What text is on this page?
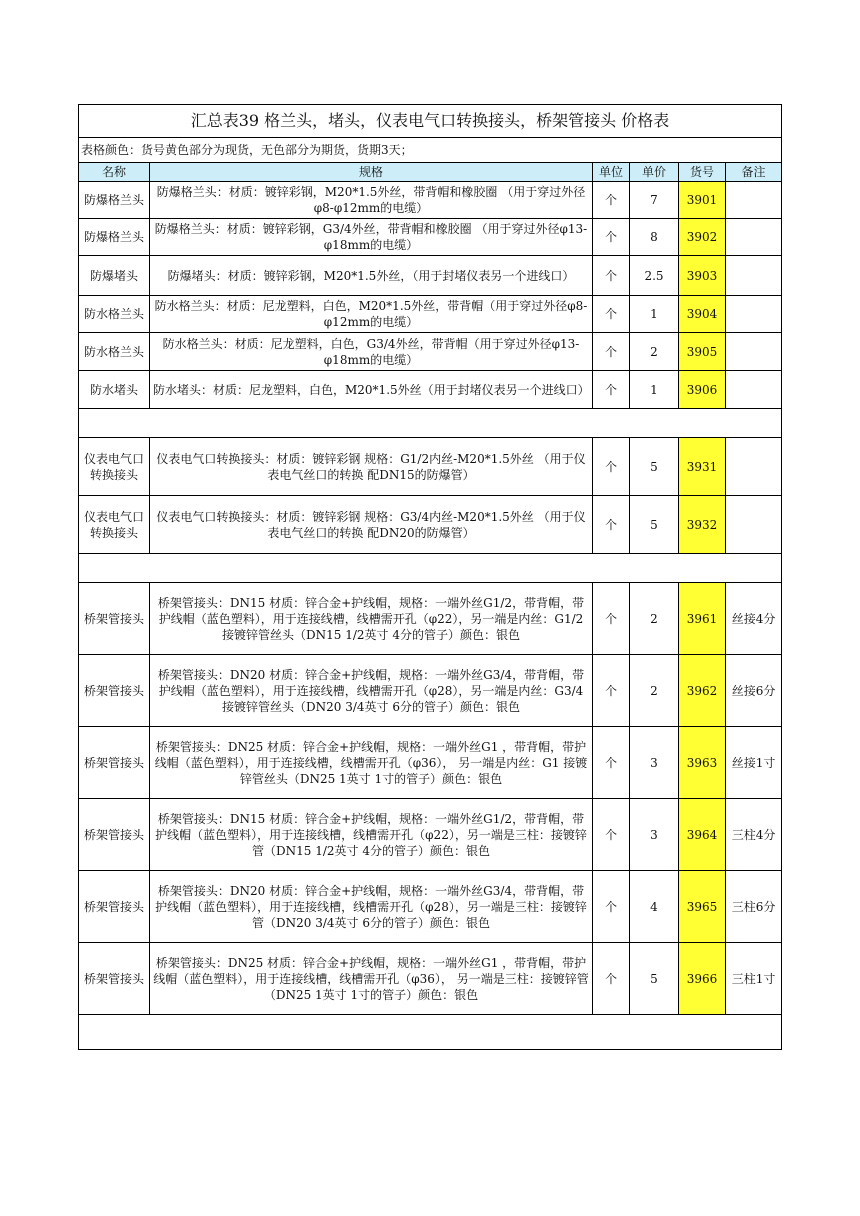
汇总表39 格兰头，堵头，仪表电气口转换接头，桥架管接头 价格表					
表格颜色：货号黄色部分为现货，无色部分为期货，货期3天；					
名称	规格	单位	单价	货号	备注
防爆格兰头	防爆格兰头：材质：镀锌彩钢，M20*1.5外丝，带背帽和橡胶圈 （用于穿过外径φ8-φ12mm的电缆）	个	7	3901	
防爆格兰头	防爆格兰头：材质：镀锌彩钢，G3/4外丝，带背帽和橡胶圈 （用于穿过外径φ13-φ18mm的电缆）	个	8	3902	
防爆堵头	防爆堵头：材质：镀锌彩钢，M20*1.5外丝，（用于封堵仪表另一个进线口）	个	2.5	3903	
防水格兰头	防水格兰头：材质：尼龙塑料，白色，M20*1.5外丝，带背帽（用于穿过外径φ8-φ12mm的电缆）	个	1	3904	
防水格兰头	防水格兰头：材质：尼龙塑料，白色，G3/4外丝，带背帽（用于穿过外径φ13-φ18mm的电缆）	个	2	3905	
防水堵头	防水堵头：材质：尼龙塑料，白色，M20*1.5外丝（用于封堵仪表另一个进线口）	个	1	3906	

仪表电气口转换接头	仪表电气口转换接头：材质：镀锌彩钢 规格：G1/2内丝-M20*1.5外丝 （用于仪表电气丝口的转换 配DN15的防爆管）	个	5	3931	
仪表电气口转换接头	仪表电气口转换接头：材质：镀锌彩钢 规格：G3/4内丝-M20*1.5外丝 （用于仪表电气丝口的转换 配DN20的防爆管）	个	5	3932	

桥架管接头	桥架管接头：DN15 材质：锌合金+护线帽，规格：一端外丝G1/2，带背帽，带护线帽（蓝色塑料），用于连接线槽，线槽需开孔（φ22），另一端是内丝：G1/2 接镀锌管丝头（DN15 1/2英寸 4分的管子）颜色：银色	个	2	3961	丝接4分
桥架管接头	桥架管接头：DN20 材质：锌合金+护线帽，规格：一端外丝G3/4，带背帽，带护线帽（蓝色塑料），用于连接线槽，线槽需开孔（φ28），另一端是内丝：G3/4 接镀锌管丝头（DN20 3/4英寸 6分的管子）颜色：银色	个	2	3962	丝接6分
桥架管接头	桥架管接头：DN25 材质：锌合金+护线帽，规格：一端外丝G1 ，带背帽，带护线帽（蓝色塑料），用于连接线槽，线槽需开孔（φ36）， 另一端是内丝：G1 接镀锌管丝头（DN25 1英寸 1寸的管子）颜色：银色	个	3	3963	丝接1寸
桥架管接头	桥架管接头：DN15 材质：锌合金+护线帽，规格：一端外丝G1/2，带背帽，带护线帽（蓝色塑料），用于连接线槽，线槽需开孔（φ22），另一端是三柱：接镀锌管（DN15 1/2英寸 4分的管子）颜色：银色	个	3	3964	三柱4分
桥架管接头	桥架管接头：DN20 材质：锌合金+护线帽，规格：一端外丝G3/4，带背帽，带护线帽（蓝色塑料），用于连接线槽，线槽需开孔（φ28），另一端是三柱：接镀锌管（DN20 3/4英寸 6分的管子）颜色：银色	个	4	3965	三柱6分
桥架管接头	桥架管接头：DN25 材质：锌合金+护线帽，规格：一端外丝G1 ，带背帽，带护线帽（蓝色塑料），用于连接线槽，线槽需开孔（φ36）， 另一端是三柱：接镀锌管（DN25 1英寸 1寸的管子）颜色：银色	个	5	3966	三柱1寸
